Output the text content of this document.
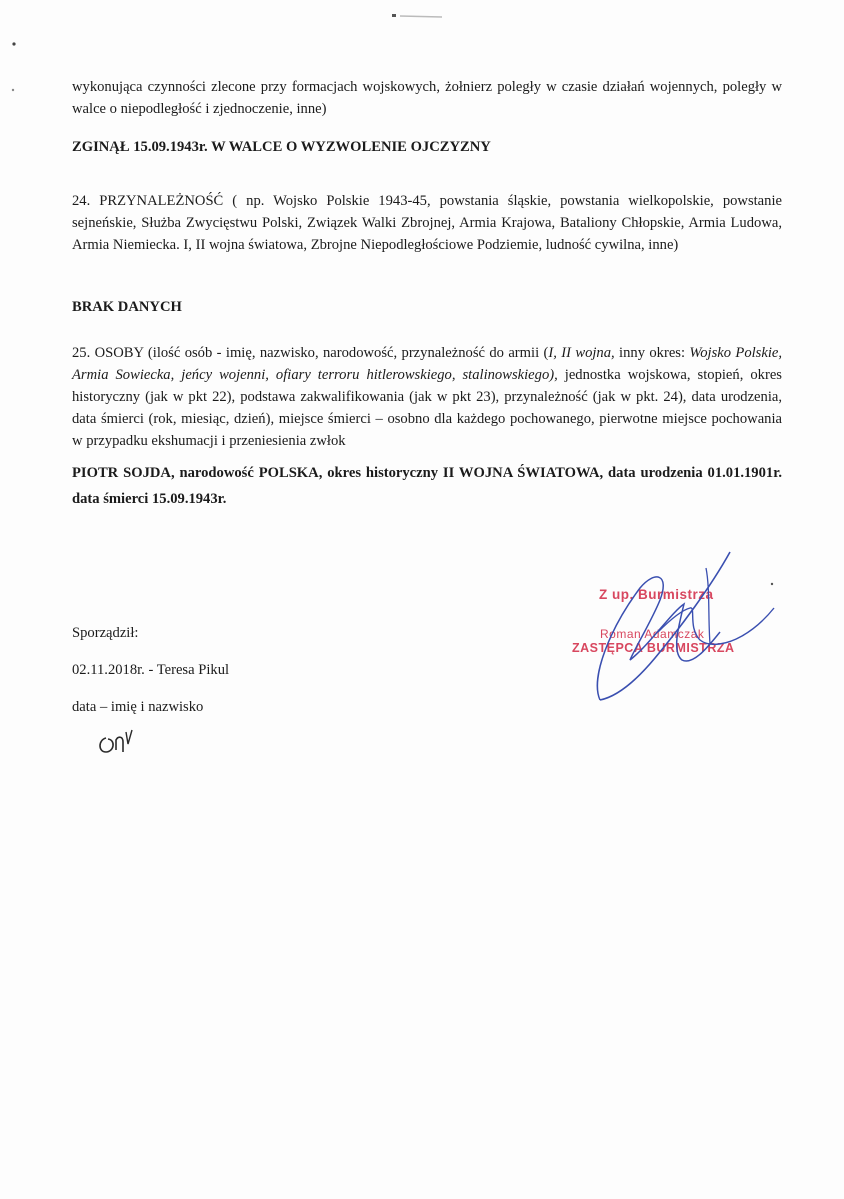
wykonująca czynności zlecone przy formacjach wojskowych, żołnierz poległy w czasie działań wojennych, poległy w walce o niepodległość i zjednoczenie, inne)

ZGINĄŁ 15.09.1943r. W WALCE O WYZWOLENIE OJCZYZNY

24. PRZYNALEŻNOŚĆ ( np. Wojsko Polskie 1943-45, powstania śląskie, powstania wielkopolskie, powstanie sejneńskie, Służba Zwycięstwu Polski, Związek Walki Zbrojnej, Armia Krajowa, Bataliony Chłopskie, Armia Ludowa, Armia Niemiecka. I, II wojna światowa, Zbrojne Niepodległościowe Podziemie, ludność cywilna, inne)

BRAK DANYCH

25. OSOBY (ilość osób - imię, nazwisko, narodowość, przynależność do armii (I, II wojna, inny okres: Wojsko Polskie, Armia Sowiecka, jeńcy wojenni, ofiary terroru hitlerowskiego, stalinowskiego), jednostka wojskowa, stopień, okres historyczny (jak w pkt 22), podstawa zakwalifikowania (jak w pkt 23), przynależność (jak w pkt. 24), data urodzenia, data śmierci (rok, miesiąc, dzień), miejsce śmierci – osobno dla każdego pochowanego, pierwotne miejsce pochowania w przypadku ekshumacji i przeniesienia zwłok

PIOTR SOJDA, narodowość POLSKA, okres historyczny II WOJNA ŚWIATOWA, data urodzenia 01.01.1901r. data śmierci 15.09.1943r.

Sporządził:
02.11.2018r. - Teresa Pikul
data – imię i nazwisko
Z up. Burmistrza
Roman Adamczak
ZASTĘPCA BURMISTRZA
